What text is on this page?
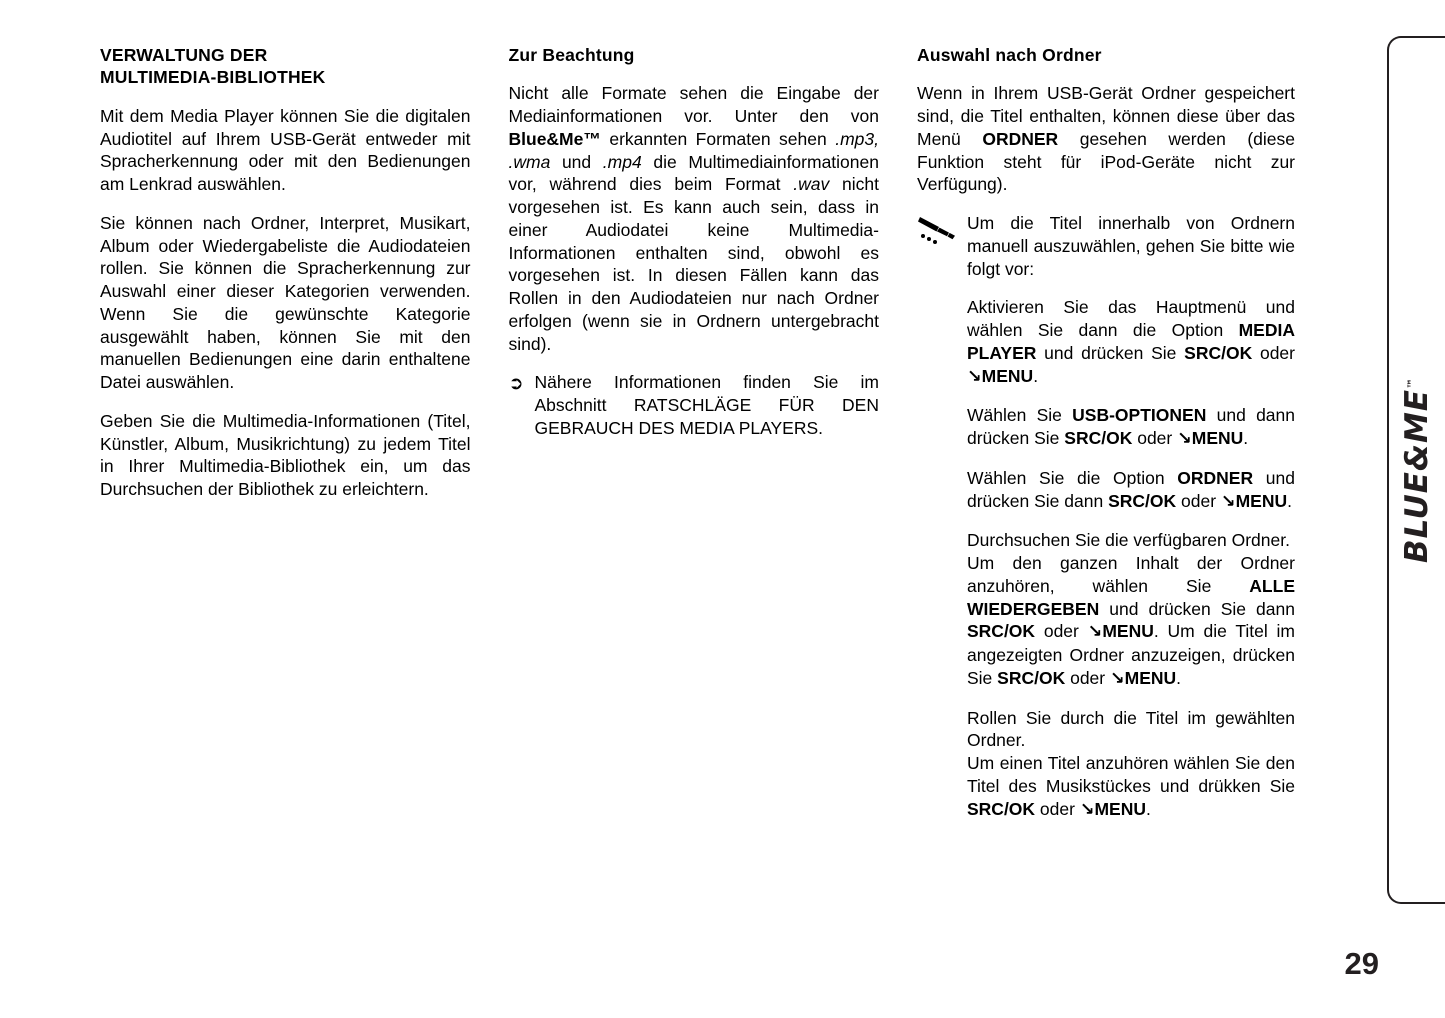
VERWALTUNG DER
MULTIMEDIA-BIBLIOTHEK

Mit dem Media Player können Sie die digitalen Audiotitel auf Ihrem USB-Gerät entweder mit Spracherkennung oder mit den Bedienungen am Lenkrad auswählen.

Sie können nach Ordner, Interpret, Musikart, Album oder Wiedergabeliste die Audiodateien rollen. Sie können die Spracherkennung zur Auswahl einer dieser Kategorien verwenden. Wenn Sie die gewünschte Kategorie ausgewählt haben, können Sie mit den manuellen Bedienungen eine darin enthaltene Datei auswählen.

Geben Sie die Multimedia-Informationen (Titel, Künstler, Album, Musikrichtung) zu jedem Titel in Ihrer Multimedia-Bibliothek ein, um das Durchsuchen der Bibliothek zu erleichtern.

Zur Beachtung

Nicht alle Formate sehen die Eingabe der Mediainformationen vor. Unter den von Blue&Me™ erkannten Formaten sehen .mp3, .wma und .mp4 die Multimediainformationen vor, während dies beim Format .wav nicht vorgesehen ist. Es kann auch sein, dass in einer Audiodatei keine Multimedia-Informationen enthalten sind, obwohl es vorgesehen ist. In diesen Fällen kann das Rollen in den Audiodateien nur nach Ordner erfolgen (wenn sie in Ordnern untergebracht sind).

➲ Nähere Informationen finden Sie im Abschnitt RATSCHLÄGE FÜR DEN GEBRAUCH DES MEDIA PLAYERS.

Auswahl nach Ordner

Wenn in Ihrem USB-Gerät Ordner gespeichert sind, die Titel enthalten, können diese über das Menü ORDNER gesehen werden (diese Funktion steht für iPod-Geräte nicht zur Verfügung).

Um die Titel innerhalb von Ordnern manuell auszuwählen, gehen Sie bitte wie folgt vor:

Aktivieren Sie das Hauptmenü und wählen Sie dann die Option MEDIA PLAYER und drücken Sie SRC/OK oder ↘MENU.

Wählen Sie USB-OPTIONEN und dann drücken Sie SRC/OK oder ↘MENU.

Wählen Sie die Option ORDNER und drücken Sie dann SRC/OK oder ↘MENU.

Durchsuchen Sie die verfügbaren Ordner.

Um den ganzen Inhalt der Ordner anzuhören, wählen Sie ALLE WIEDERGEBEN und drücken Sie dann SRC/OK oder ↘MENU. Um die Titel im angezeigten Ordner anzuzeigen, drücken Sie SRC/OK oder ↘MENU.

Rollen Sie durch die Titel im gewählten Ordner.

Um einen Titel anzuhören wählen Sie den Titel des Musikstückes und drükken Sie SRC/OK oder ↘MENU.

BLUE&ME™
29
